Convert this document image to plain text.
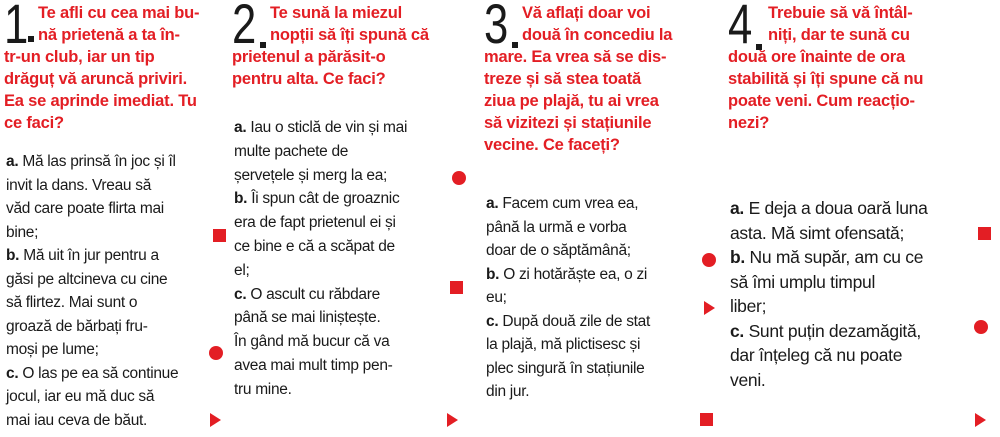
1 Te afli cu cea mai bu-
nă prietenă a ta în-
tr-un club, iar un tip
drăguț vă aruncă priviri.
Ea se aprinde imediat. Tu
ce faci?
a. Mă las prinsă în joc și îl
invit la dans. Vreau să
văd care poate flirta mai
bine;
b. Mă uit în jur pentru a
găsi pe altcineva cu cine
să flirtez. Mai sunt o
groază de bărbați fru-
moși pe lume;
c. O las pe ea să continue
jocul, iar eu mă duc să
mai iau ceva de băut.
2 Te sună la miezul
nopții să îți spună că
prietenul a părăsit-o
pentru alta. Ce faci?
a. Iau o sticlă de vin și mai
multe pachete de
șervețele și merg la ea;
b. Îi spun cât de groaznic
era de fapt prietenul ei și
ce bine e că a scăpat de
el;
c. O ascult cu răbdare
până se mai liniștește.
În gând mă bucur că va
avea mai mult timp pen-
tru mine.
3 Vă aflați doar voi
două în concediu la
mare. Ea vrea să se dis-
treze și să stea toată
ziua pe plajă, tu ai vrea
să vizitezi și stațiunile
vecine. Ce faceți?
a. Facem cum vrea ea,
până la urmă e vorba
doar de o săptămână;
b. O zi hotărăște ea, o zi
eu;
c. După două zile de stat
la plajă, mă plictisesc și
plec singură în stațiunile
din jur.
4 Trebuie să vă întâl-
niți, dar te sună cu
două ore înainte de ora
stabilită și îți spune că nu
poate veni. Cum reacțio-
nezi?
a. E deja a doua oară luna
asta. Mă simt ofensată;
b. Nu mă supăr, am cu ce
să îmi umplu timpul
liber;
c. Sunt puțin dezamăgită,
dar înțeleg că nu poate
veni.
